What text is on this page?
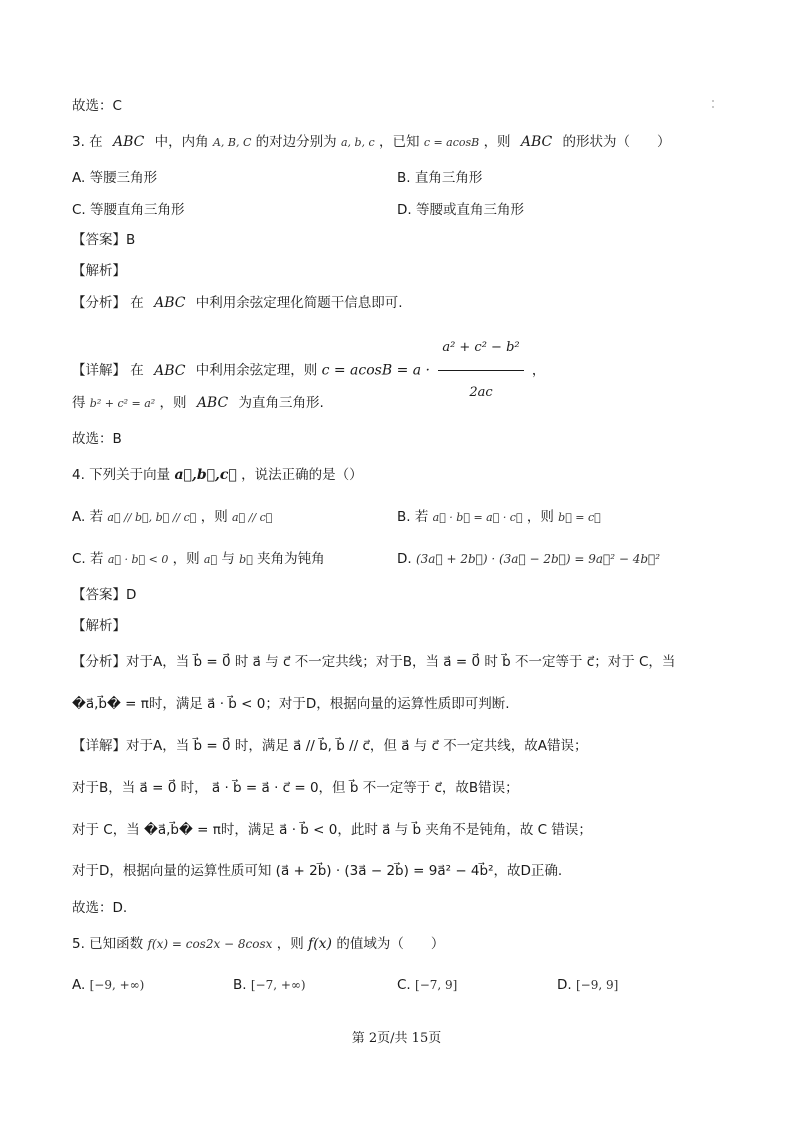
故选：C
3. 在 ABC 中，内角 A, B, C 的对边分别为 a, b, c ，已知 c = acosB ，则 ABC 的形状为（　　）
A. 等腰三角形	B. 直角三角形
C. 等腰直角三角形	D. 等腰或直角三角形
【答案】B
【解析】
【分析】 在 ABC 中利用余弦定理化简题干信息即可.
【详解】 在 ABC 中利用余弦定理，则 $c = acosB = a \cdot \frac{\text{a² + c² − b²}}{2ac}$ ，
得 b² + c² = a² ，则 ABC 为直角三角形.
故选：B
4. 下列关于向量 a⃗,b⃗,c⃗ ，说法正确的是（）
A. 若 a⃗ // b⃗, b⃗ // c⃗ ，则 a⃗ // c⃗	B. 若 a⃗ · b⃗ = a⃗ · c⃗ ，则 b⃗ = c⃗
C. 若 a⃗ · b⃗ < 0 ，则 a⃗ 与 b⃗ 夹角为钝角	D. (3a⃗ + 2b⃗) · (3a⃗ − 2b⃗) = 9a⃗² − 4b⃗²
【答案】D
【解析】
【分析】对于A，当 b⃗ = 0⃗ 时 a⃗ 与 c⃗ 不一定共线；对于B，当 a⃗ = 0⃗ 时 b⃗ 不一定等于 c⃗；对于 C，当
�a⃗,b⃗� = π时，满足 a⃗ · b⃗ < 0；对于D，根据向量的运算性质即可判断.
【详解】对于A，当 b⃗ = 0⃗ 时，满足 a⃗ // b⃗, b⃗ // c⃗，但 a⃗ 与 c⃗ 不一定共线，故A错误；
对于B，当 a⃗ = 0⃗ 时， a⃗ · b⃗ = a⃗ · c⃗ = 0，但 b⃗ 不一定等于 c⃗，故B错误；
对于 C，当 �a⃗,b⃗� = π时，满足 a⃗ · b⃗ < 0，此时 a⃗ 与 b⃗ 夹角不是钝角，故 C 错误；
对于D，根据向量的运算性质可知 (a⃗ + 2b⃗) · (3a⃗ − 2b⃗) = 9a⃗² − 4b⃗²，故D正确.
故选：D.
5. 已知函数 f(x) = cos2x − 8cosx ，则 f(x) 的值域为（　　）
A. [−9, +∞)	B. [−7, +∞)	C. [−7, 9]	D. [−9, 9]
第 2页/共 15页
